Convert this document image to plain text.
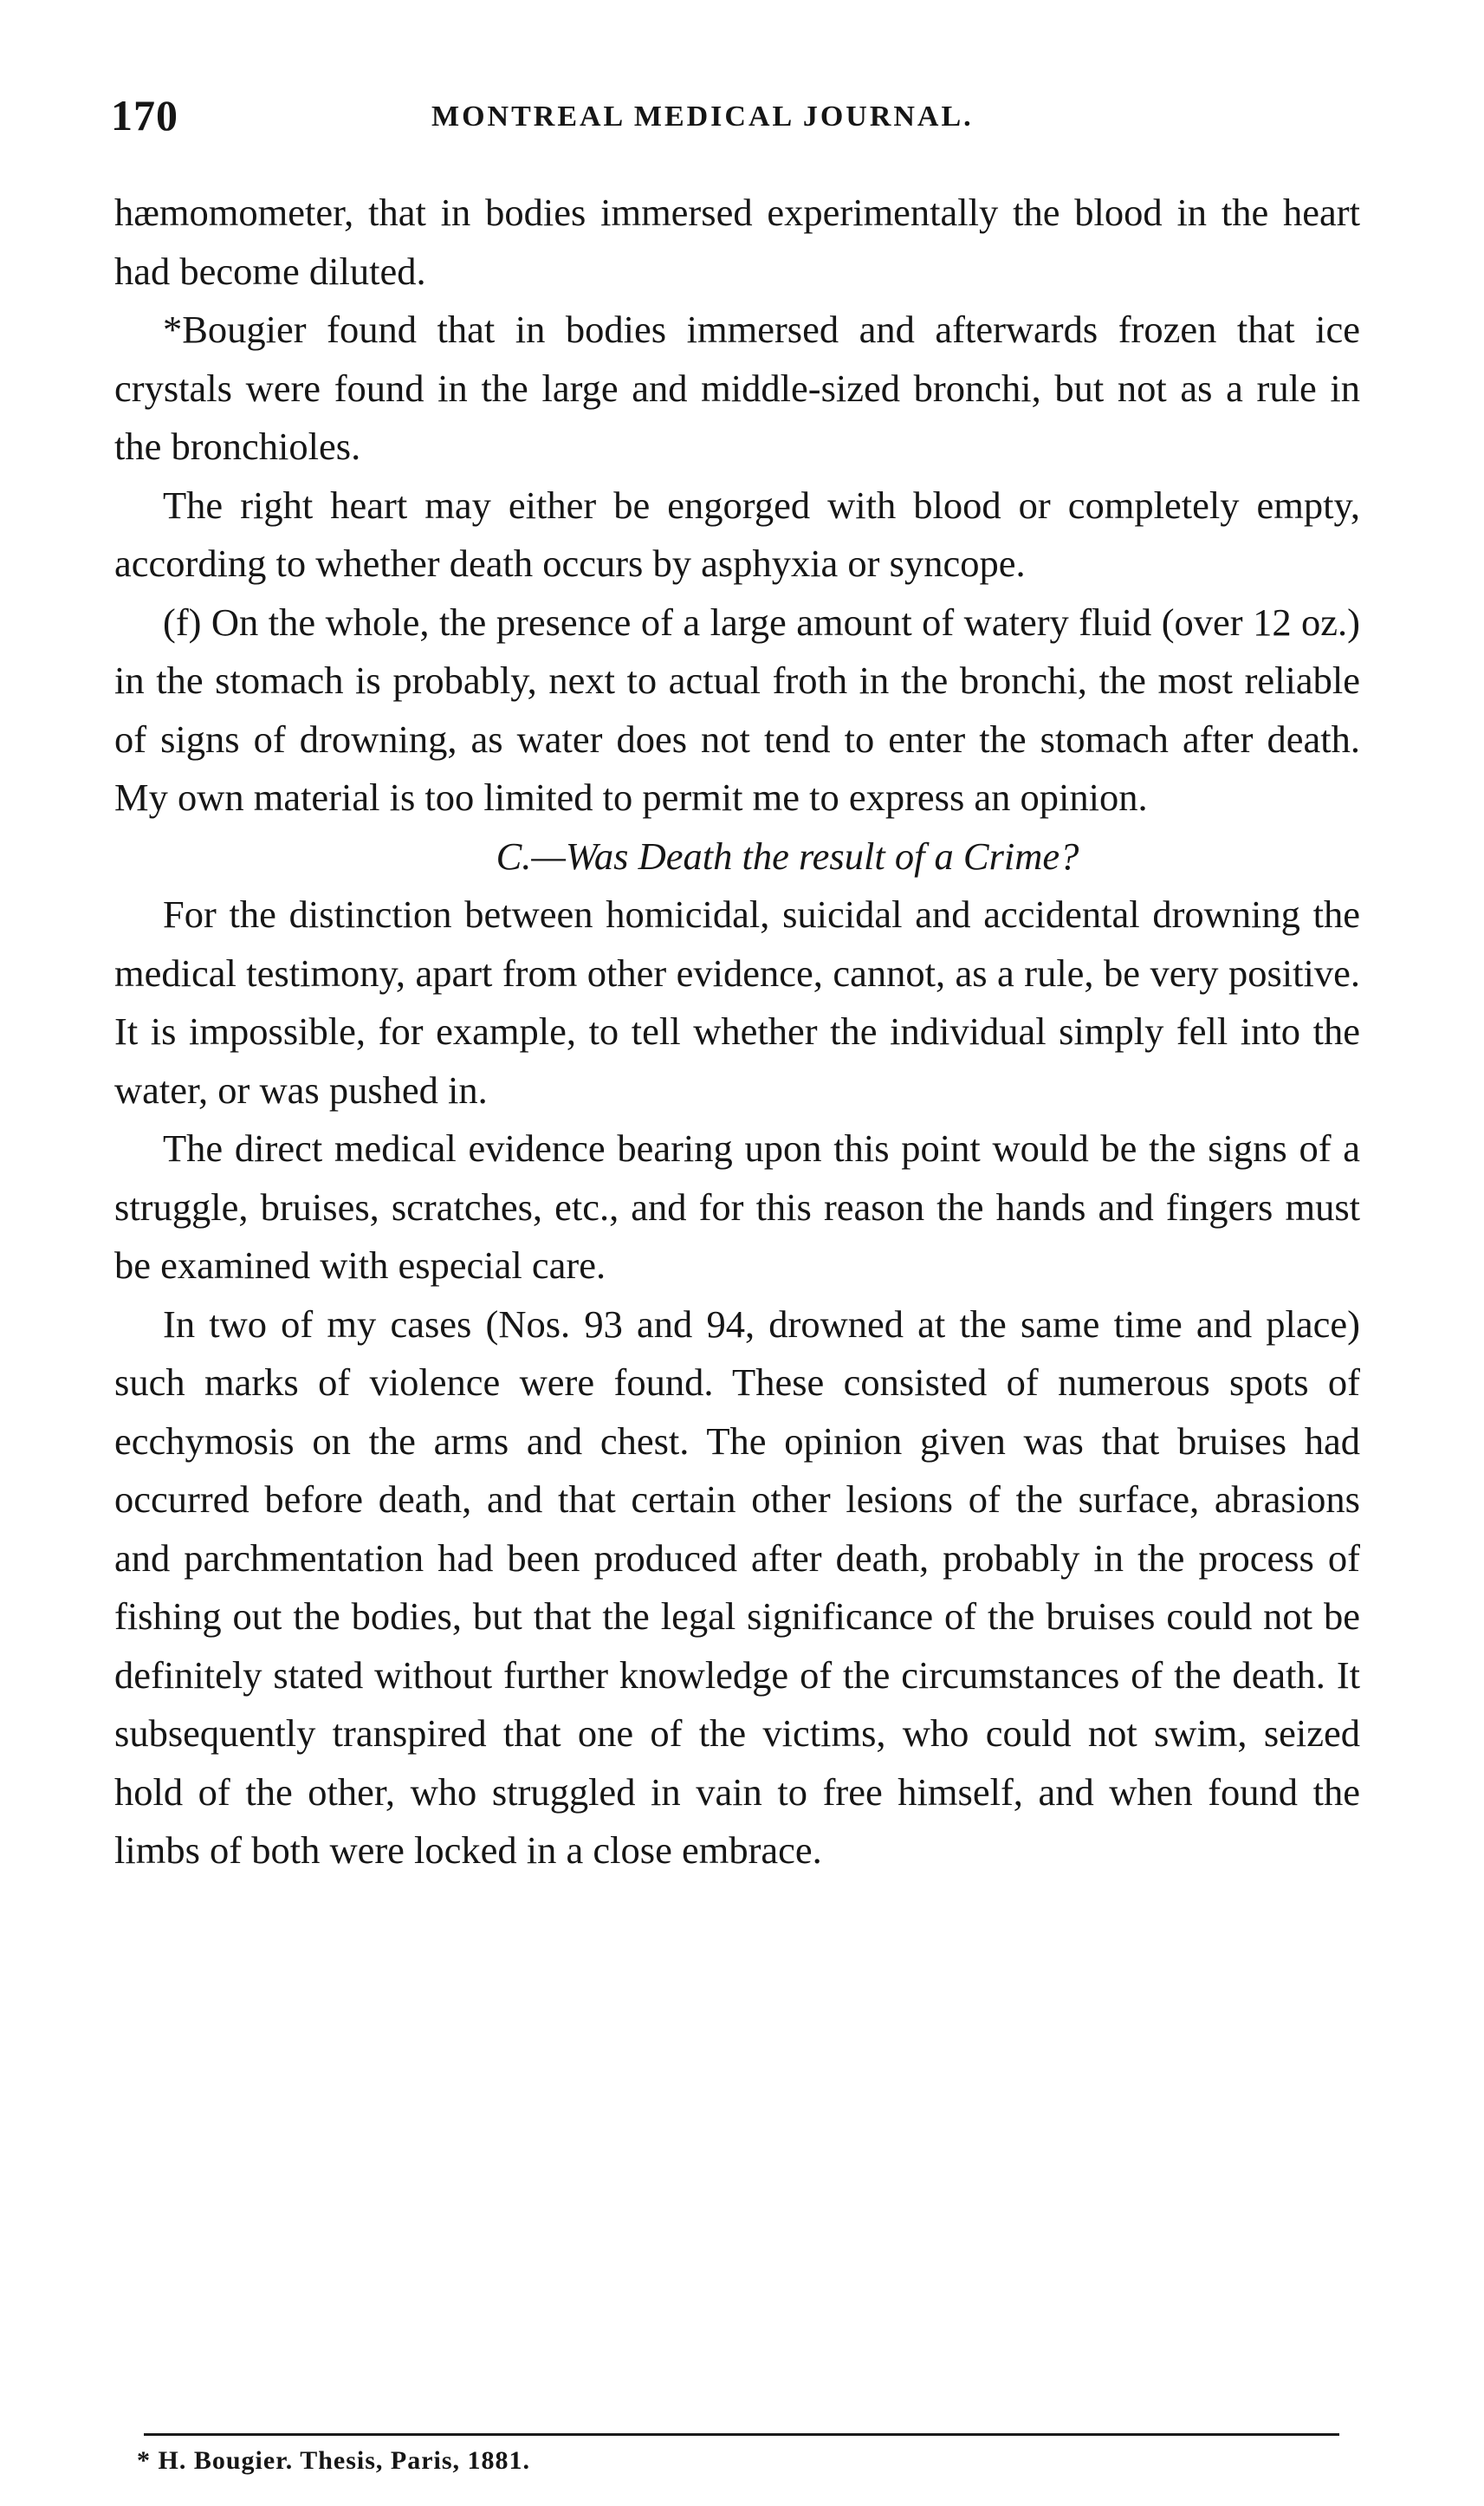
170	MONTREAL MEDICAL JOURNAL.

hæmomometer, that in bodies immersed experimentally the blood in the heart had become diluted.

*Bougier found that in bodies immersed and afterwards frozen that ice crystals were found in the large and middle-sized bronchi, but not as a rule in the bronchioles.

The right heart may either be engorged with blood or completely empty, according to whether death occurs by asphyxia or syncope.

(f) On the whole, the presence of a large amount of watery fluid (over 12 oz.) in the stomach is probably, next to actual froth in the bronchi, the most reliable of signs of drowning, as water does not tend to enter the stomach after death. My own material is too limited to permit me to express an opinion.

C.—Was Death the result of a Crime?

For the distinction between homicidal, suicidal and accidental drowning the medical testimony, apart from other evidence, cannot, as a rule, be very positive. It is impossible, for example, to tell whether the individual simply fell into the water, or was pushed in.

The direct medical evidence bearing upon this point would be the signs of a struggle, bruises, scratches, etc., and for this reason the hands and fingers must be examined with especial care.

In two of my cases (Nos. 93 and 94, drowned at the same time and place) such marks of violence were found. These consisted of numerous spots of ecchymosis on the arms and chest. The opinion given was that bruises had occurred before death, and that certain other lesions of the surface, abrasions and parchmentation had been produced after death, probably in the process of fishing out the bodies, but that the legal significance of the bruises could not be definitely stated without further knowledge of the circumstances of the death. It subsequently transpired that one of the victims, who could not swim, seized hold of the other, who struggled in vain to free himself, and when found the limbs of both were locked in a close embrace.

* H. Bougier. Thesis, Paris, 1881.
